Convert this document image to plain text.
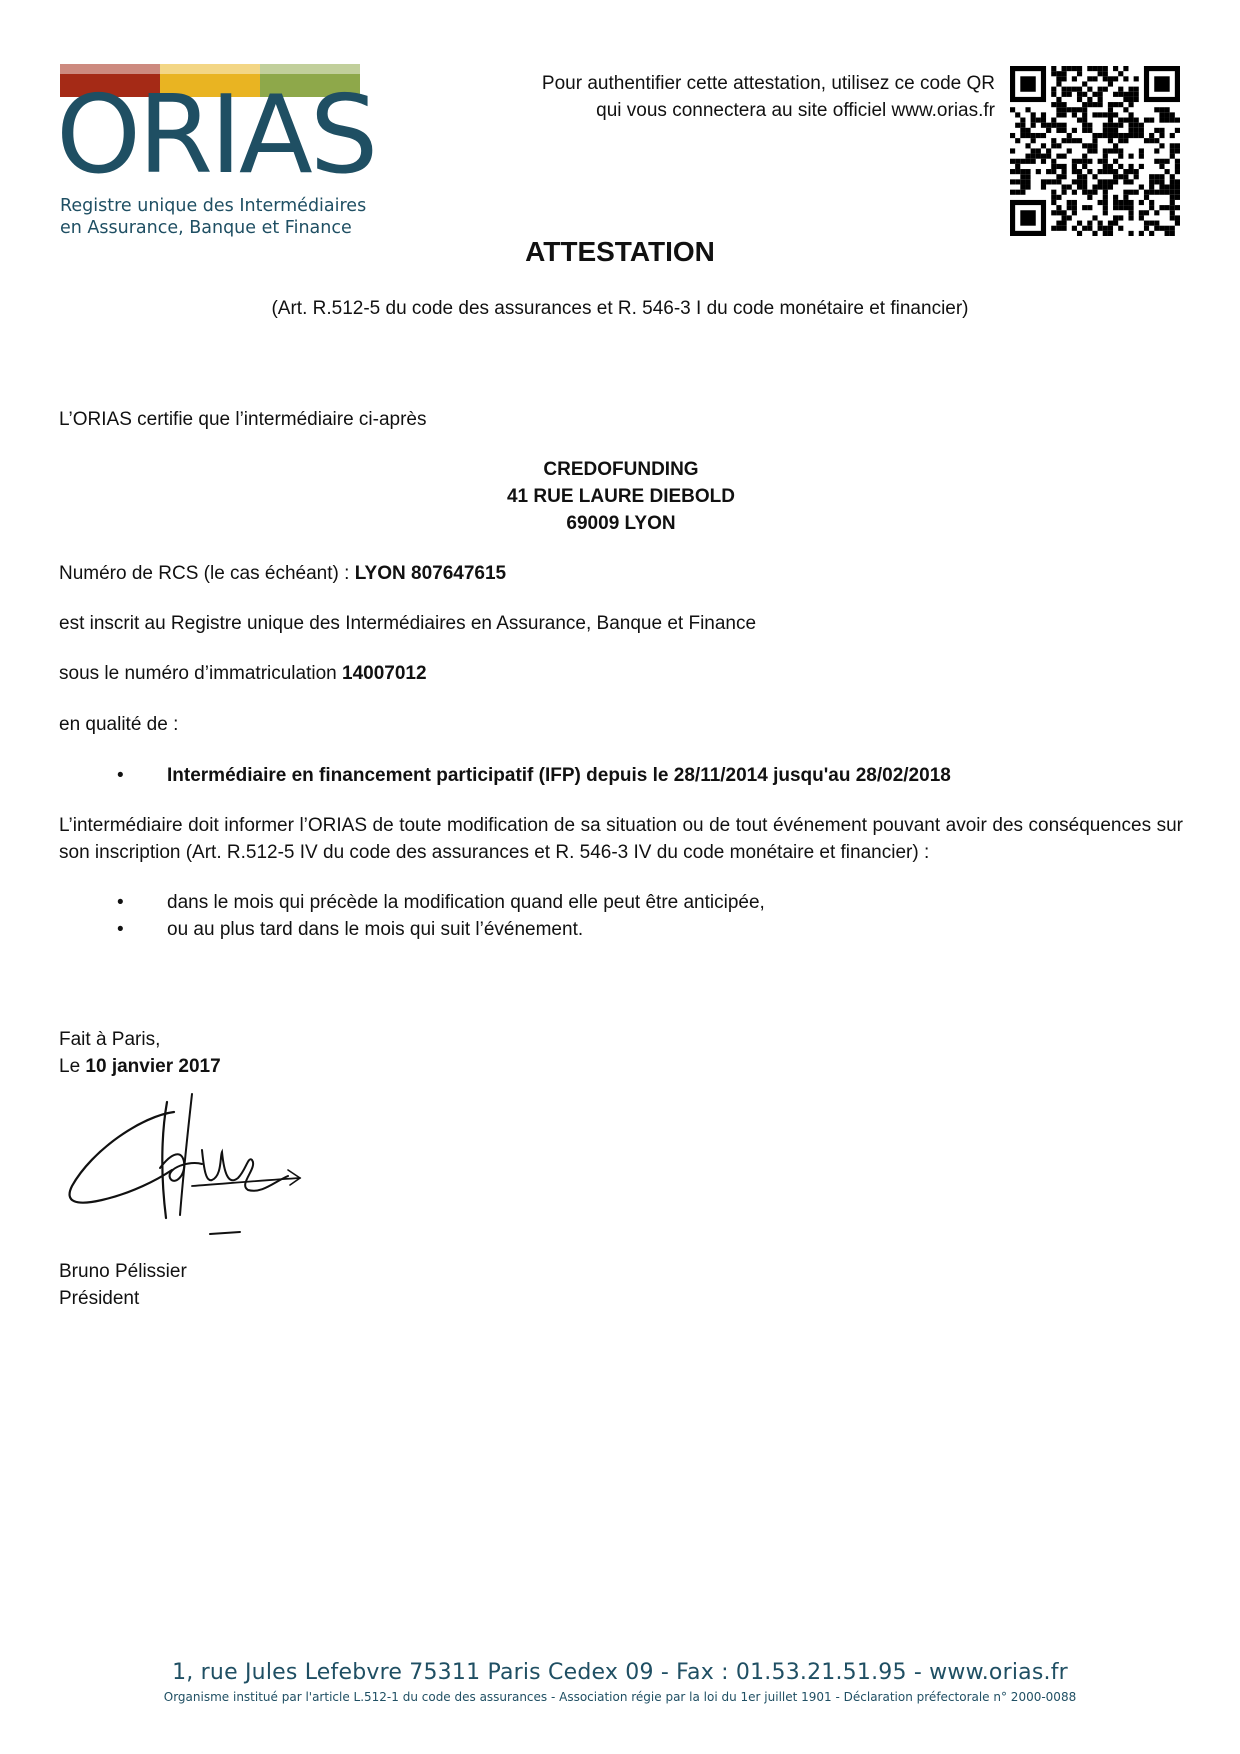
ORIAS
Registre unique des Intermédiaires
en Assurance, Banque et Finance
Pour authentifier cette attestation, utilisez ce code QR
qui vous connectera au site officiel www.orias.fr
ATTESTATION
(Art. R.512-5 du code des assurances et R. 546-3 I du code monétaire et financier)
L’ORIAS certifie que l’intermédiaire ci-après
CREDOFUNDING
41 RUE LAURE DIEBOLD
69009 LYON
Numéro de RCS (le cas échéant) : LYON 807647615
est inscrit au Registre unique des Intermédiaires en Assurance, Banque et Finance
sous le numéro d’immatriculation 14007012
en qualité de :
• Intermédiaire en financement participatif (IFP) depuis le 28/11/2014 jusqu'au 28/02/2018
L’intermédiaire doit informer l’ORIAS de toute modification de sa situation ou de tout événement pouvant avoir des conséquences sur son inscription (Art. R.512-5 IV du code des assurances et R. 546-3 IV du code monétaire et financier) :
• dans le mois qui précède la modification quand elle peut être anticipée,
• ou au plus tard dans le mois qui suit l’événement.
Fait à Paris,
Le 10 janvier 2017
Bruno Pélissier
Président
1, rue Jules Lefebvre 75311 Paris Cedex 09 - Fax : 01.53.21.51.95 - www.orias.fr
Organisme institué par l'article L.512-1 du code des assurances - Association régie par la loi du 1er juillet 1901 - Déclaration préfectorale n° 2000-0088
